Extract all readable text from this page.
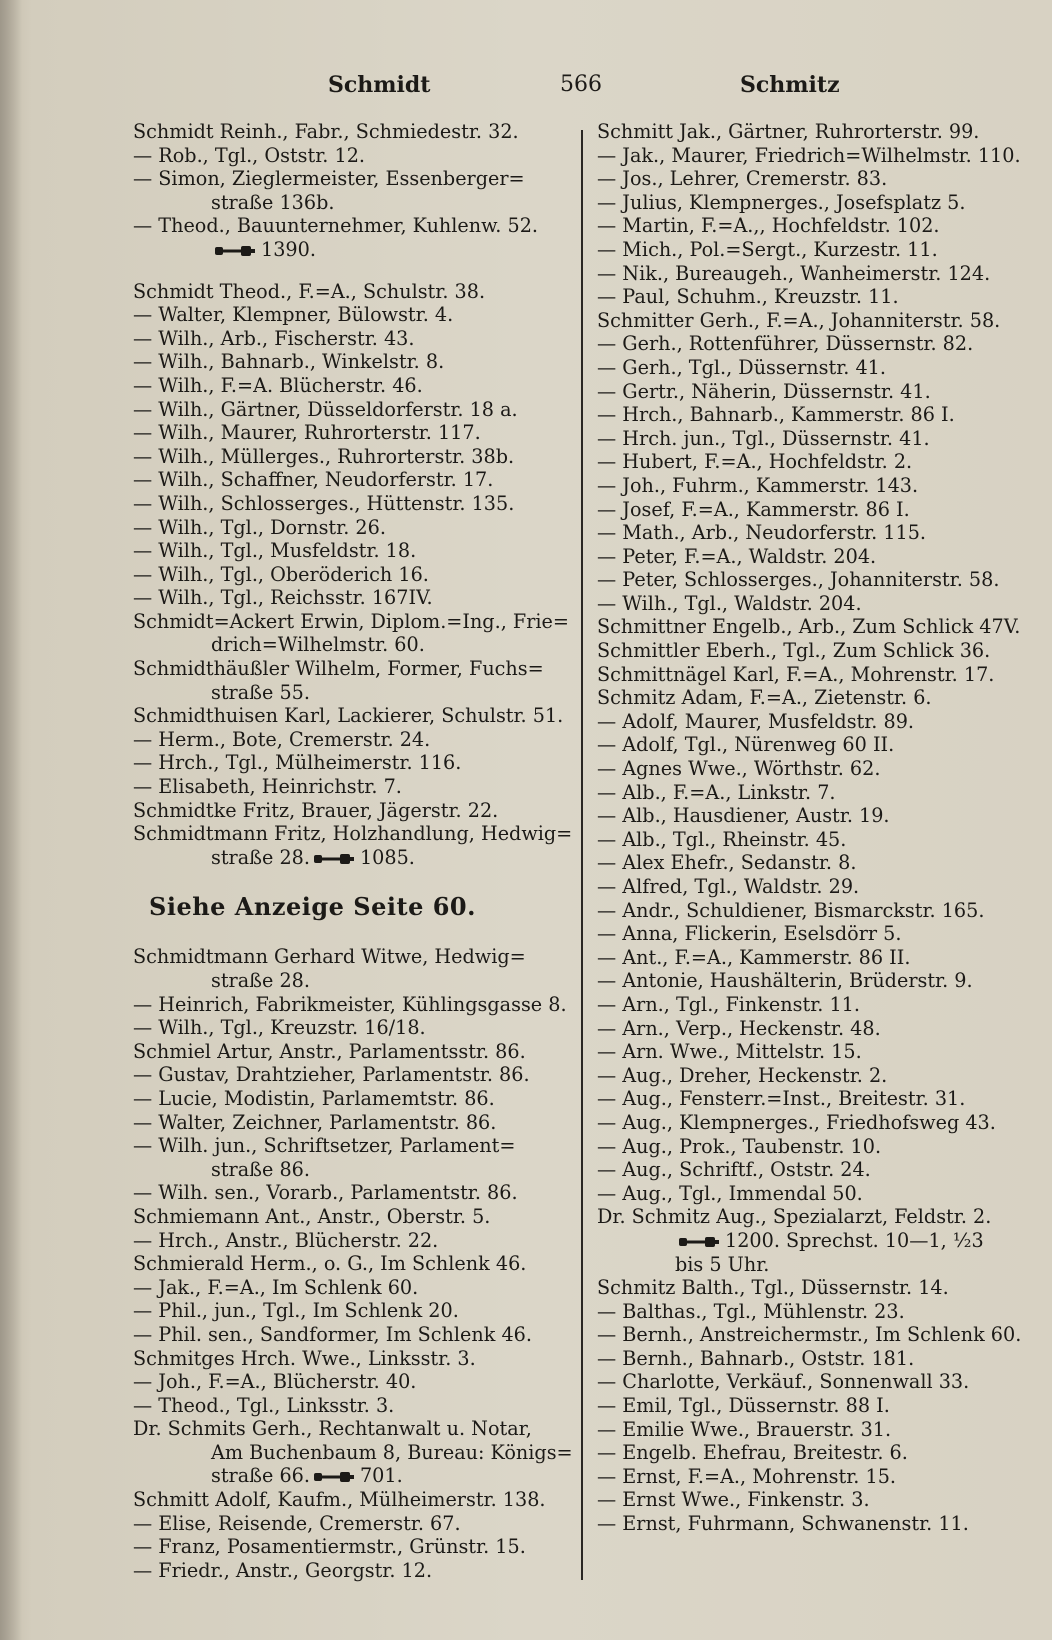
Schmidt	566	Schmitz
Schmidt Reinh., Fabr., Schmiedestr. 32.
— Rob., Tgl., Oststr. 12.
— Simon, Zieglermeister, Essenberger=
straße 136b.
— Theod., Bauunternehmer, Kuhlenw. 52.
1390.
Schmidt Theod., F.=A., Schulstr. 38.
— Walter, Klempner, Bülowstr. 4.
— Wilh., Arb., Fischerstr. 43.
— Wilh., Bahnarb., Winkelstr. 8.
— Wilh., F.=A. Blücherstr. 46.
— Wilh., Gärtner, Düsseldorferstr. 18 a.
— Wilh., Maurer, Ruhrorterstr. 117.
— Wilh., Müllerges., Ruhrorterstr. 38b.
— Wilh., Schaffner, Neudorferstr. 17.
— Wilh., Schlosserges., Hüttenstr. 135.
— Wilh., Tgl., Dornstr. 26.
— Wilh., Tgl., Musfeldstr. 18.
— Wilh., Tgl., Oberöderich 16.
— Wilh., Tgl., Reichsstr. 167IV.
Schmidt=Ackert Erwin, Diplom.=Ing., Frie=
drich=Wilhelmstr. 60.
Schmidthäußler Wilhelm, Former, Fuchs=
straße 55.
Schmidthuisen Karl, Lackierer, Schulstr. 51.
— Herm., Bote, Cremerstr. 24.
— Hrch., Tgl., Mülheimerstr. 116.
— Elisabeth, Heinrichstr. 7.
Schmidtke Fritz, Brauer, Jägerstr. 22.
Schmidtmann Fritz, Holzhandlung, Hedwig=
straße 28.	1085.
Siehe Anzeige Seite 60.
Schmidtmann Gerhard Witwe, Hedwig=
straße 28.
— Heinrich, Fabrikmeister, Kühlingsgasse 8.
— Wilh., Tgl., Kreuzstr. 16/18.
Schmiel Artur, Anstr., Parlamentsstr. 86.
— Gustav, Drahtzieher, Parlamentstr. 86.
— Lucie, Modistin, Parlamemtstr. 86.
— Walter, Zeichner, Parlamentstr. 86.
— Wilh. jun., Schriftsetzer, Parlament=
straße 86.
— Wilh. sen., Vorarb., Parlamentstr. 86.
Schmiemann Ant., Anstr., Oberstr. 5.
— Hrch., Anstr., Blücherstr. 22.
Schmierald Herm., o. G., Im Schlenk 46.
— Jak., F.=A., Im Schlenk 60.
— Phil., jun., Tgl., Im Schlenk 20.
— Phil. sen., Sandformer, Im Schlenk 46.
Schmitges Hrch. Wwe., Linksstr. 3.
— Joh., F.=A., Blücherstr. 40.
— Theod., Tgl., Linksstr. 3.
Dr. Schmits Gerh., Rechtanwalt u. Notar,
Am Buchenbaum 8, Bureau: Königs=
straße 66.	701.
Schmitt Adolf, Kaufm., Mülheimerstr. 138.
— Elise, Reisende, Cremerstr. 67.
— Franz, Posamentiermstr., Grünstr. 15.
— Friedr., Anstr., Georgstr. 12.
Schmitt Jak., Gärtner, Ruhrorterstr. 99.
— Jak., Maurer, Friedrich=Wilhelmstr. 110.
— Jos., Lehrer, Cremerstr. 83.
— Julius, Klempnerges., Josefsplatz 5.
— Martin, F.=A.,, Hochfeldstr. 102.
— Mich., Pol.=Sergt., Kurzestr. 11.
— Nik., Bureaugeh., Wanheimerstr. 124.
— Paul, Schuhm., Kreuzstr. 11.
Schmitter Gerh., F.=A., Johanniterstr. 58.
— Gerh., Rottenführer, Düssernstr. 82.
— Gerh., Tgl., Düssernstr. 41.
— Gertr., Näherin, Düssernstr. 41.
— Hrch., Bahnarb., Kammerstr. 86 I.
— Hrch. jun., Tgl., Düssernstr. 41.
— Hubert, F.=A., Hochfeldstr. 2.
— Joh., Fuhrm., Kammerstr. 143.
— Josef, F.=A., Kammerstr. 86 I.
— Math., Arb., Neudorferstr. 115.
— Peter, F.=A., Waldstr. 204.
— Peter, Schlosserges., Johanniterstr. 58.
— Wilh., Tgl., Waldstr. 204.
Schmittner Engelb., Arb., Zum Schlick 47V.
Schmittler Eberh., Tgl., Zum Schlick 36.
Schmittnägel Karl, F.=A., Mohrenstr. 17.
Schmitz Adam, F.=A., Zietenstr. 6.
— Adolf, Maurer, Musfeldstr. 89.
— Adolf, Tgl., Nürenweg 60 II.
— Agnes Wwe., Wörthstr. 62.
— Alb., F.=A., Linkstr. 7.
— Alb., Hausdiener, Austr. 19.
— Alb., Tgl., Rheinstr. 45.
— Alex Ehefr., Sedanstr. 8.
— Alfred, Tgl., Waldstr. 29.
— Andr., Schuldiener, Bismarckstr. 165.
— Anna, Flickerin, Eselsdörr 5.
— Ant., F.=A., Kammerstr. 86 II.
— Antonie, Haushälterin, Brüderstr. 9.
— Arn., Tgl., Finkenstr. 11.
— Arn., Verp., Heckenstr. 48.
— Arn. Wwe., Mittelstr. 15.
— Aug., Dreher, Heckenstr. 2.
— Aug., Fensterr.=Inst., Breitestr. 31.
— Aug., Klempnerges., Friedhofsweg 43.
— Aug., Prok., Taubenstr. 10.
— Aug., Schriftf., Oststr. 24.
— Aug., Tgl., Immendal 50.
Dr. Schmitz Aug., Spezialarzt, Feldstr. 2.
1200. Sprechst. 10—1, ½3
bis 5 Uhr.
Schmitz Balth., Tgl., Düssernstr. 14.
— Balthas., Tgl., Mühlenstr. 23.
— Bernh., Anstreichermstr., Im Schlenk 60.
— Bernh., Bahnarb., Oststr. 181.
— Charlotte, Verkäuf., Sonnenwall 33.
— Emil, Tgl., Düssernstr. 88 I.
— Emilie Wwe., Brauerstr. 31.
— Engelb. Ehefrau, Breitestr. 6.
— Ernst, F.=A., Mohrenstr. 15.
— Ernst Wwe., Finkenstr. 3.
— Ernst, Fuhrmann, Schwanenstr. 11.
